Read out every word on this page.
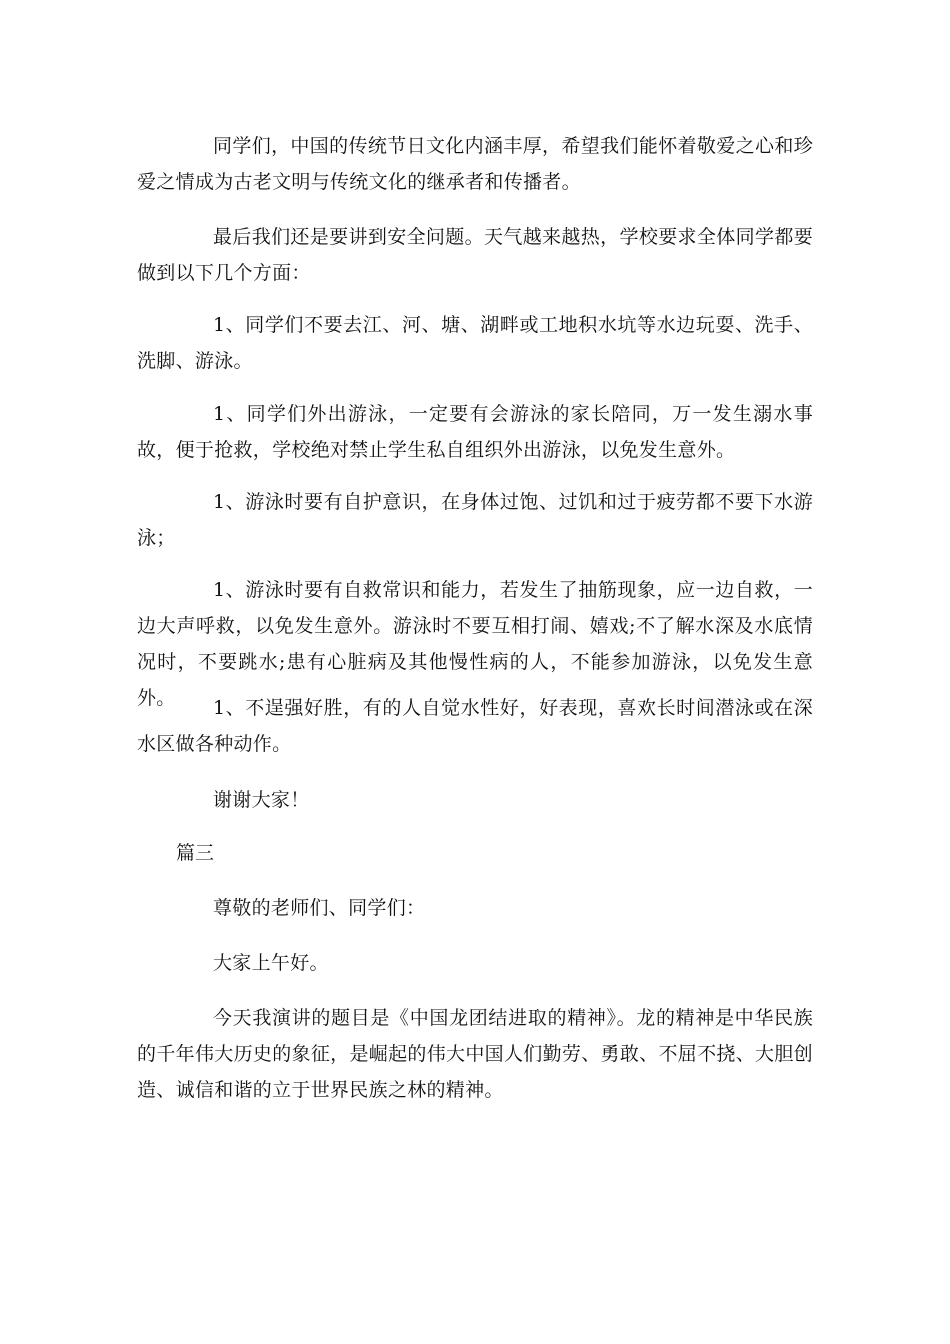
同学们，中国的传统节日文化内涵丰厚，希望我们能怀着敬爱之心和珍爱之情成为古老文明与传统文化的继承者和传播者。

最后我们还是要讲到安全问题。天气越来越热，学校要求全体同学都要做到以下几个方面：

1、同学们不要去江、河、塘、湖畔或工地积水坑等水边玩耍、洗手、洗脚、游泳。

1、同学们外出游泳，一定要有会游泳的家长陪同，万一发生溺水事故，便于抢救，学校绝对禁止学生私自组织外出游泳，以免发生意外。

1、游泳时要有自护意识，在身体过饱、过饥和过于疲劳都不要下水游泳；

1、游泳时要有自救常识和能力，若发生了抽筋现象，应一边自救，一边大声呼救，以免发生意外。游泳时不要互相打闹、嬉戏;不了解水深及水底情况时，不要跳水;患有心脏病及其他慢性病的人，不能参加游泳，以免发生意外。	1、不逞强好胜，有的人自觉水性好，好表现，喜欢长时间潜泳或在深水区做各种动作。

谢谢大家！

篇三

尊敬的老师们、同学们：

大家上午好。

今天我演讲的题目是《中国龙团结进取的精神》。龙的精神是中华民族的千年伟大历史的象征，是崛起的伟大中国人们勤劳、勇敢、不屈不挠、大胆创造、诚信和谐的立于世界民族之林的精神。
